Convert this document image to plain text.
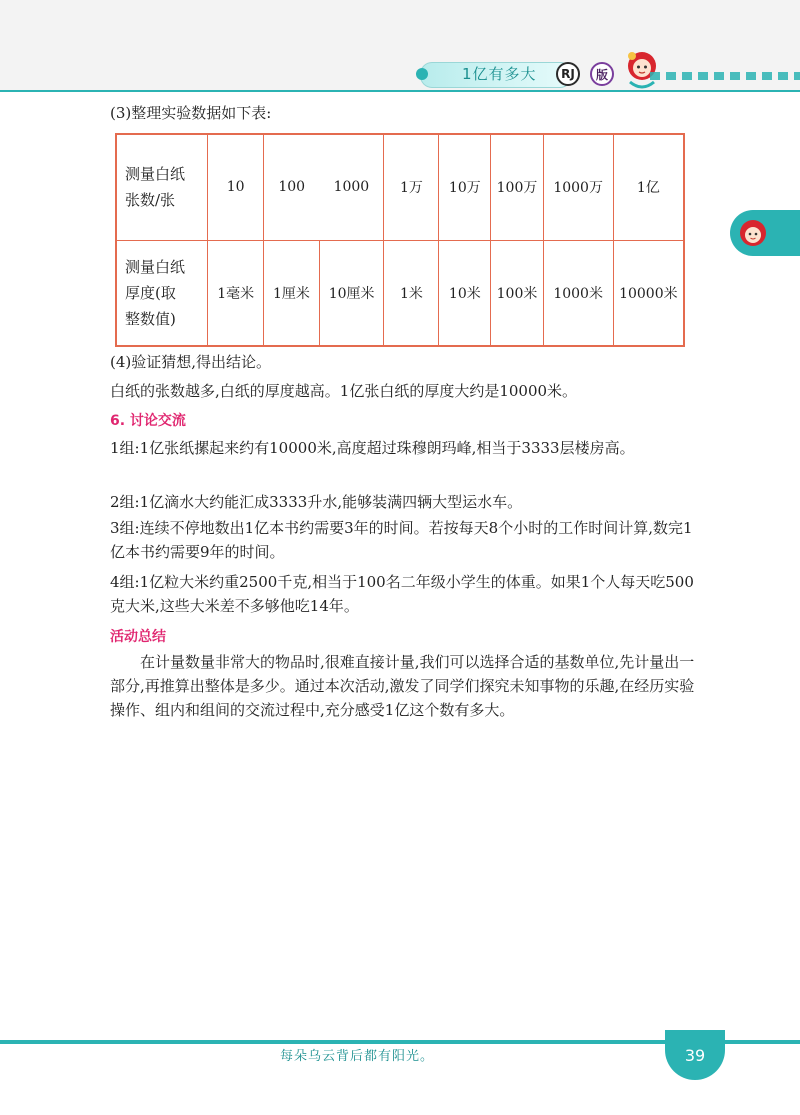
1亿有多大	RJ	版

(3)整理实验数据如下表:

测量白纸
张数/张	10	100	1000	1万	10万	100万	1000万	1亿

测量白纸
厚度(取
整数值)	1毫米	1厘米	10厘米	1米	10米	100米	1000米	10000米

(4)验证猜想,得出结论。

白纸的张数越多,白纸的厚度越高。1亿张白纸的厚度大约是10000米。

6. 讨论交流

1组:1亿张纸摞起来约有10000米,高度超过珠穆朗玛峰,相当于3333层楼房高。

2组:1亿滴水大约能汇成3333升水,能够装满四辆大型运水车。

3组:连续不停地数出1亿本书约需要3年的时间。若按每天8个小时的工作时间计算,数完1亿本书约需要9年的时间。

4组:1亿粒大米约重2500千克,相当于100名二年级小学生的体重。如果1个人每天吃500克大米,这些大米差不多够他吃14年。

活动总结

在计量数量非常大的物品时,很难直接计量,我们可以选择合适的基数单位,先计量出一部分,再推算出整体是多少。通过本次活动,激发了同学们探究未知事物的乐趣,在经历实验操作、组内和组间的交流过程中,充分感受1亿这个数有多大。

每朵乌云背后都有阳光。	39
